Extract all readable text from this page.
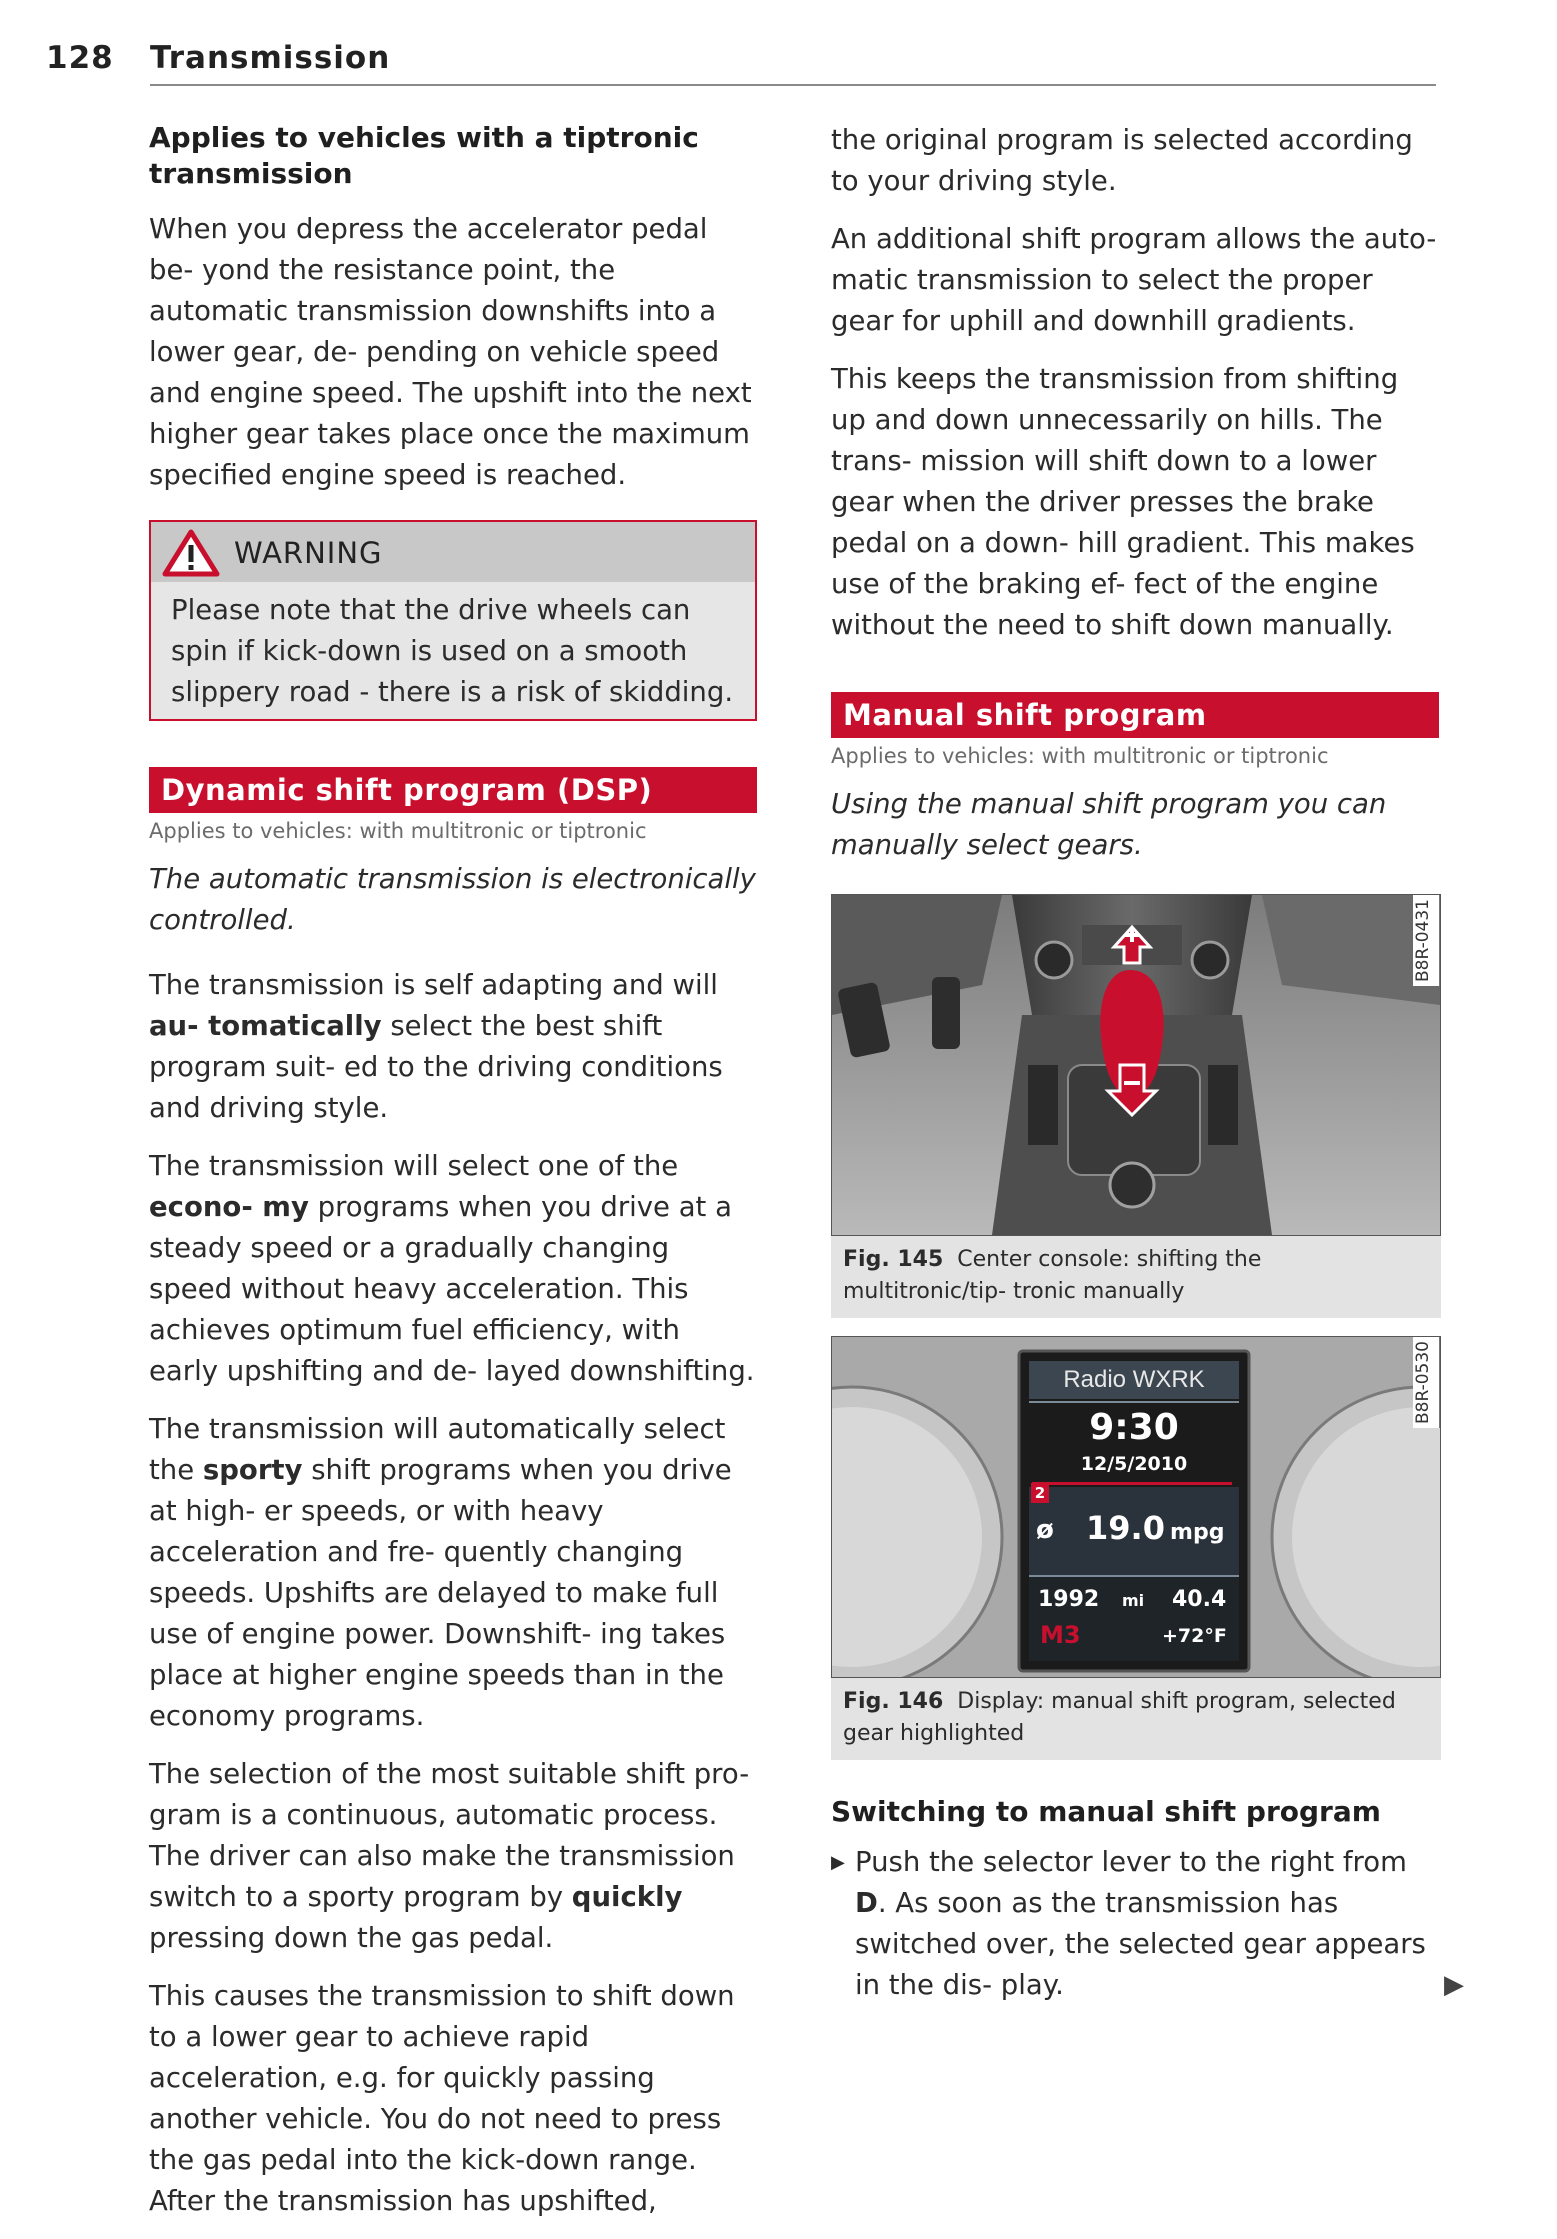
128 Transmission
Applies to vehicles with a tiptronic transmission

When you depress the accelerator pedal be- yond the resistance point, the automatic transmission downshifts into a lower gear, de- pending on vehicle speed and engine speed. The upshift into the next higher gear takes place once the maximum specified engine speed is reached.

WARNING
Please note that the drive wheels can spin if kick-down is used on a smooth slippery road - there is a risk of skidding.
Dynamic shift program (DSP)
Applies to vehicles: with multitronic or tiptronic

The automatic transmission is electronically controlled.

The transmission is self adapting and will au- tomatically select the best shift program suit- ed to the driving conditions and driving style.

The transmission will select one of the econo- my programs when you drive at a steady speed or a gradually changing speed without heavy acceleration. This achieves optimum fuel efficiency, with early upshifting and de- layed downshifting.

The transmission will automatically select the sporty shift programs when you drive at high- er speeds, or with heavy acceleration and fre- quently changing speeds. Upshifts are delayed to make full use of engine power. Downshift- ing takes place at higher engine speeds than in the economy programs.

The selection of the most suitable shift pro- gram is a continuous, automatic process. The driver can also make the transmission switch to a sporty program by quickly pressing down the gas pedal.

This causes the transmission to shift down to a lower gear to achieve rapid acceleration, e.g. for quickly passing another vehicle. You do not need to press the gas pedal into the kick-down range. After the transmission has upshifted,

the original program is selected according to your driving style.

An additional shift program allows the auto- matic transmission to select the proper gear for uphill and downhill gradients.

This keeps the transmission from shifting up and down unnecessarily on hills. The trans- mission will shift down to a lower gear when the driver presses the brake pedal on a down- hill gradient. This makes use of the braking ef- fect of the engine without the need to shift down manually.

Manual shift program
Applies to vehicles: with multitronic or tiptronic

Using the manual shift program you can manually select gears.

B8R-0431
Fig. 145 Center console: shifting the multitronic/tip- tronic manually
Radio WXRK
9:30
12/5/2010
2
ø 19.0 mpg
1992 mi 40.4
M3	+72°F
B8R-0530
Fig. 146 Display: manual shift program, selected gear highlighted
Switching to manual shift program
▶ Push the selector lever to the right from D. As soon as the transmission has switched over, the selected gear appears in the dis- play.	▶
